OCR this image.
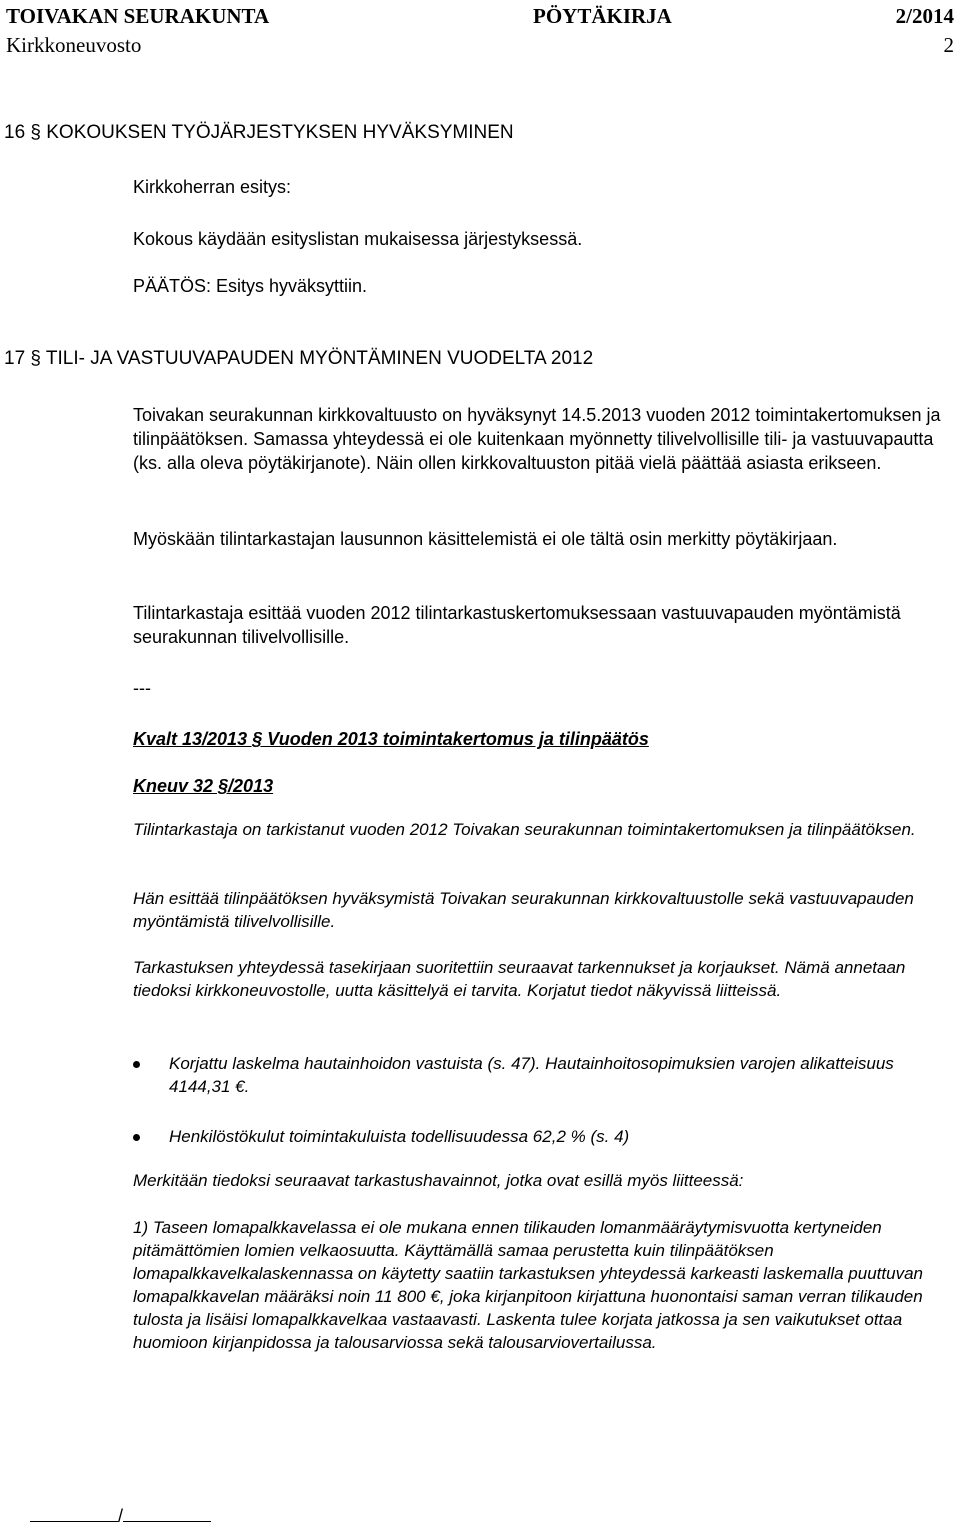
TOIVAKAN SEURAKUNTA	PÖYTÄKIRJA	2/2014
Kirkkoneuvosto	2
16 § KOKOUKSEN TYÖJÄRJESTYKSEN HYVÄKSYMINEN
Kirkkoherran esitys:
Kokous käydään esityslistan mukaisessa järjestyksessä.
PÄÄTÖS: Esitys hyväksyttiin.
17 § TILI- JA VASTUUVAPAUDEN MYÖNTÄMINEN VUODELTA 2012
Toivakan seurakunnan kirkkovaltuusto on hyväksynyt 14.5.2013 vuoden 2012 toimintakertomuksen ja tilinpäätöksen. Samassa yhteydessä ei ole kuitenkaan myönnetty tilivelvollisille tili- ja vastuuvapautta (ks. alla oleva pöytäkirjanote). Näin ollen kirkkovaltuuston pitää vielä päättää asiasta erikseen.
Myöskään tilintarkastajan lausunnon käsittelemistä ei ole tältä osin merkitty pöytäkirjaan.
Tilintarkastaja esittää vuoden 2012 tilintarkastuskertomuksessaan vastuuvapauden myöntämistä seurakunnan tilivelvollisille.
---
Kvalt 13/2013 § Vuoden 2013 toimintakertomus ja tilinpäätös
Kneuv 32 §/2013
Tilintarkastaja on tarkistanut vuoden 2012 Toivakan seurakunnan toimintakertomuksen ja tilinpäätöksen.
Hän esittää tilinpäätöksen hyväksymistä Toivakan seurakunnan kirkkovaltuustolle sekä vastuuvapauden myöntämistä tilivelvollisille.
Tarkastuksen yhteydessä tasekirjaan suoritettiin seuraavat tarkennukset ja korjaukset. Nämä annetaan tiedoksi kirkkoneuvostolle, uutta käsittelyä ei tarvita. Korjatut tiedot näkyvissä liitteissä.
Korjattu laskelma hautainhoidon vastuista (s. 47). Hautainhoitosopimuksien varojen alikatteisuus 4144,31 €.
Henkilöstökulut toimintakuluista todellisuudessa 62,2 % (s. 4)
Merkitään tiedoksi seuraavat tarkastushavainnot, jotka ovat esillä myös liitteessä:
1) Taseen lomapalkkavelassa ei ole mukana ennen tilikauden lomanmääräytymisvuotta kertyneiden pitämättömien lomien velkaosuutta. Käyttämällä samaa perustetta kuin tilinpäätöksen lomapalkkavelkalaskennassa on käytetty saatiin tarkastuksen yhteydessä karkeasti laskemalla puuttuvan lomapalkkavelan määräksi noin 11 800 €, joka kirjanpitoon kirjattuna huonontaisi saman verran tilikauden tulosta ja lisäisi lomapalkkavelkaa vastaavasti. Laskenta tulee korjata jatkossa ja sen vaikutukset ottaa huomioon kirjanpidossa ja talousarviossa sekä talousarviovertailussa.
/
